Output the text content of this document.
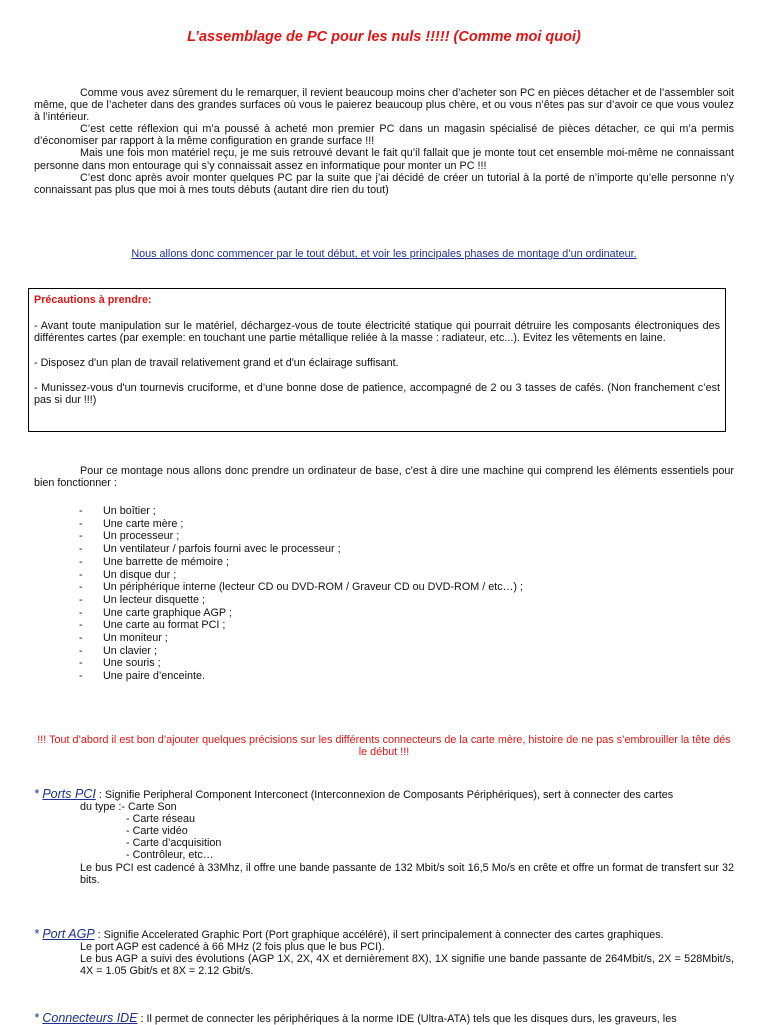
L’assemblage de PC pour les nuls !!!!! (Comme moi quoi)

Comme vous avez sûrement du le remarquer, il revient beaucoup moins cher d’acheter son PC en pièces détacher et de l’assembler soit même, que de l’acheter dans des grandes surfaces où vous le paierez beaucoup plus chère, et ou vous n’êtes pas sur d’avoir ce que vous voulez à l’intérieur.

C’est cette réflexion qui m’a poussé à acheté mon premier PC dans un magasin spécialisé de pièces détacher, ce qui m’a permis d’économiser par rapport à la même configuration en grande surface !!!

Mais une fois mon matériel reçu, je me suis retrouvé devant le fait qu’il fallait que je monte tout cet ensemble moi-même ne connaissant personne dans mon entourage qui s’y connaissait assez en informatique pour monter un PC !!!

C’est donc après avoir monter quelques PC par la suite que j’ai décidé de créer un tutorial à la porté de n’importe qu’elle personne n’y connaissant pas plus que moi à mes touts débuts (autant dire rien du tout)

Nous allons donc commencer par le tout début, et voir les principales phases de montage d’un ordinateur.
Précautions à prendre:

- Avant toute manipulation sur le matériel, déchargez-vous de toute électricité statique qui pourrait détruire les composants électroniques des différentes cartes (par exemple: en touchant une partie métallique reliée à la masse : radiateur, etc...). Evitez les vêtements en laine.

- Disposez d'un plan de travail relativement grand et d'un éclairage suffisant.

- Munissez-vous d'un tournevis cruciforme, et d’une bonne dose de patience, accompagné de 2 ou 3 tasses de cafés. (Non franchement c’est pas si dur !!!)

Pour ce montage nous allons donc prendre un ordinateur de base, c’est à dire une machine qui comprend les éléments essentiels pour bien fonctionner :

- Un boîtier ;
- Une carte mère ;
- Un processeur ;
- Un ventilateur / parfois fourni avec le processeur ;
- Une barrette de mémoire ;
- Un disque dur ;
- Un périphérique interne (lecteur CD ou DVD-ROM / Graveur CD ou DVD-ROM / etc…) ;
- Un lecteur disquette ;
- Une carte graphique AGP ;
- Une carte au format PCI ;
- Un moniteur ;
- Un clavier ;
- Une souris ;
- Une paire d’enceinte.
!!! Tout d’abord il est bon d’ajouter quelques précisions sur les différents connecteurs de la carte mère, histoire de ne pas s’embrouiller la tête dés le début !!!
* Ports PCI : Signifie Peripheral Component Interconect (Interconnexion de Composants Périphériques), sert à connecter des cartes
du type :- Carte Son
- Carte réseau
- Carte vidéo
- Carte d’acquisition
- Contrôleur, etc…
Le bus PCI est cadencé à 33Mhz, il offre une bande passante de 132 Mbit/s soit 16,5 Mo/s en crête et offre un format de transfert sur 32 bits.
* Port AGP : Signifie Accelerated Graphic Port (Port graphique accéléré), il sert principalement à connecter des cartes graphiques.
Le port AGP est cadencé à 66 MHz (2 fois plus que le bus PCI).
Le bus AGP a suivi des évolutions (AGP 1X, 2X, 4X et dernièrement 8X), 1X signifie une bande passante de 264Mbit/s, 2X = 528Mbit/s, 4X = 1.05 Gbit/s et 8X = 2.12 Gbit/s.
* Connecteurs IDE : Il permet de connecter les périphériques à la norme IDE (Ultra-ATA) tels que les disques durs, les graveurs, les
